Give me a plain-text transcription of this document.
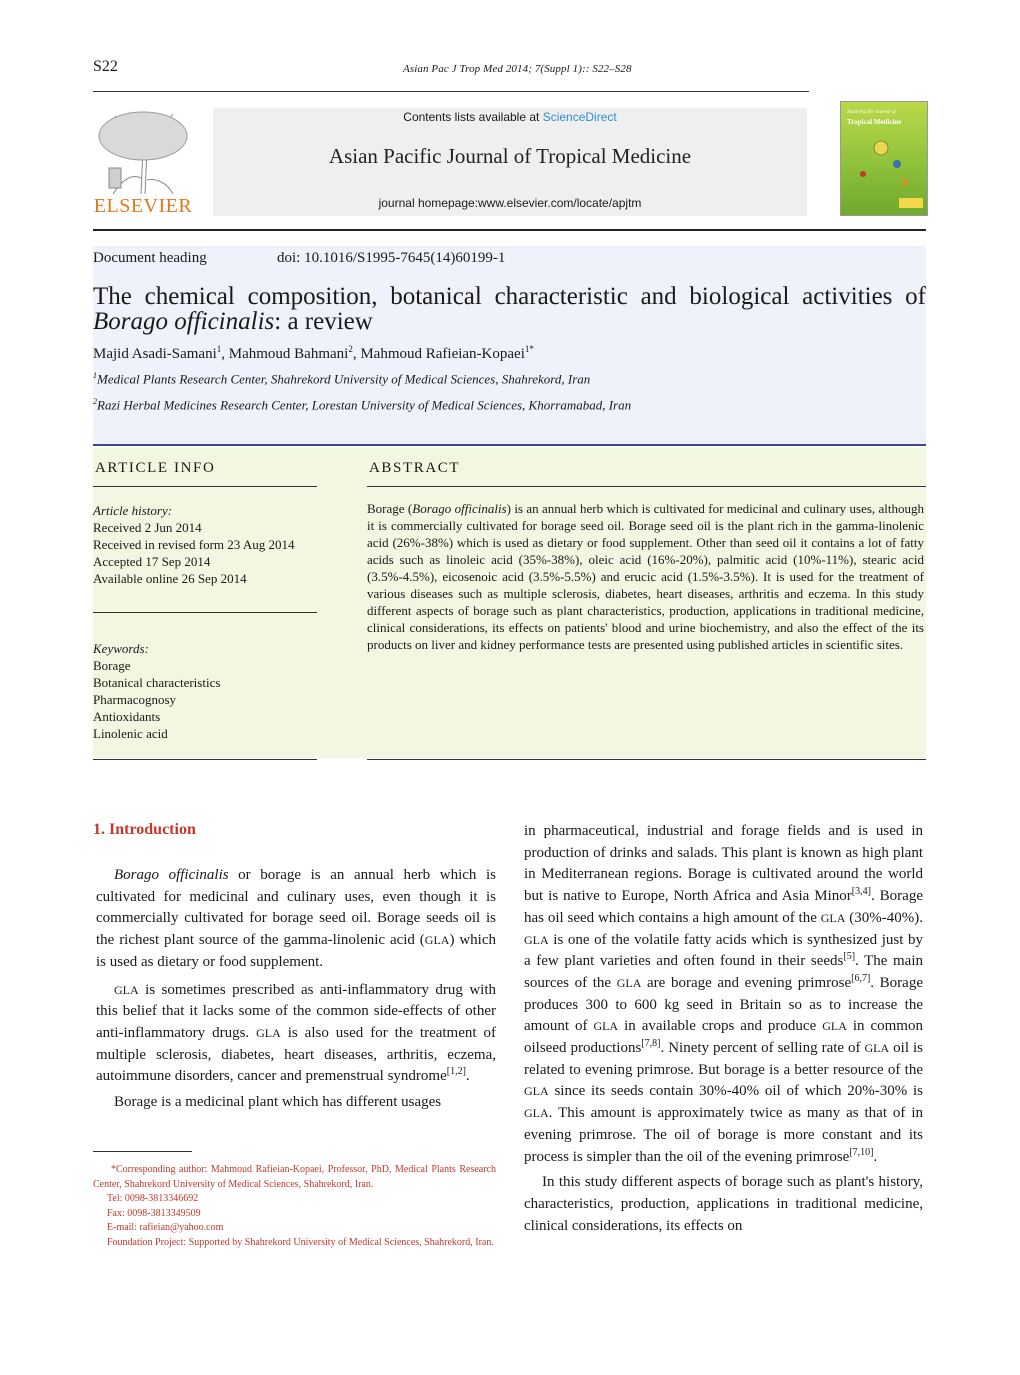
S22	Asian Pac J Trop Med 2014; 7(Suppl 1):: S22–S28
ELSEVIER
Contents lists available at ScienceDirect
Asian Pacific Journal of Tropical Medicine
journal homepage:www.elsevier.com/locate/apjtm
Asian Pacific Journal of
Tropical Medicine
Document heading	doi: 10.1016/S1995-7645(14)60199-1
The chemical composition, botanical characteristic and biological activities of Borago officinalis: a review
Majid Asadi-Samani$^1$, Mahmoud Bahmani$^2$, Mahmoud Rafieian-Kopaei$^{1*}$
$^1$Medical Plants Research Center, Shahrekord University of Medical Sciences, Shahrekord, Iran
$^2$Razi Herbal Medicines Research Center, Lorestan University of Medical Sciences, Khorramabad, Iran
ARTICLE INFO
Article history:
Received 2 Jun 2014
Received in revised form 23 Aug 2014
Accepted 17 Sep 2014
Available online 26 Sep 2014
Keywords:
Borage
Botanical characteristics
Pharmacognosy
Antioxidants
Linolenic acid
ABSTRACT
Borage (Borago officinalis) is an annual herb which is cultivated for medicinal and culinary uses, although it is commercially cultivated for borage seed oil. Borage seed oil is the plant rich in the gamma-linolenic acid (26%-38%) which is used as dietary or food supplement. Other than seed oil it contains a lot of fatty acids such as linoleic acid (35%-38%), oleic acid (16%-20%), palmitic acid (10%-11%), stearic acid (3.5%-4.5%), eicosenoic acid (3.5%-5.5%) and erucic acid (1.5%-3.5%). It is used for the treatment of various diseases such as multiple sclerosis, diabetes, heart diseases, arthritis and eczema. In this study different aspects of borage such as plant characteristics, production, applications in traditional medicine, clinical considerations, its effects on patients' blood and urine biochemistry, and also the effect of the its products on liver and kidney performance tests are presented using published articles in scientific sites.
1. Introduction

Borago officinalis or borage is an annual herb which is cultivated for medicinal and culinary uses, even though it is commercially cultivated for borage seed oil. Borage seeds oil is the richest plant source of the gamma-linolenic acid (GLA) which is used as dietary or food supplement.

GLA is sometimes prescribed as anti-inflammatory drug with this belief that it lacks some of the common side-effects of other anti-inflammatory drugs. GLA is also used for the treatment of multiple sclerosis, diabetes, heart diseases, arthritis, eczema, autoimmune disorders, cancer and premenstrual syndrome[1,2].

Borage is a medicinal plant which has different usages

in pharmaceutical, industrial and forage fields and is used in production of drinks and salads. This plant is known as high plant in Mediterranean regions. Borage is cultivated around the world but is native to Europe, North Africa and Asia Minor[3,4]. Borage has oil seed which contains a high amount of the GLA (30%-40%). GLA is one of the volatile fatty acids which is synthesized just by a few plant varieties and often found in their seeds[5]. The main sources of the GLA are borage and evening primrose[6,7]. Borage produces 300 to 600 kg seed in Britain so as to increase the amount of GLA in available crops and produce GLA in common oilseed productions[7,8]. Ninety percent of selling rate of GLA oil is related to evening primrose. But borage is a better resource of the GLA since its seeds contain 30%-40% oil of which 20%-30% is GLA. This amount is approximately twice as many as that of in evening primrose. The oil of borage is more constant and its process is simpler than the oil of the evening primrose[7,10].

In this study different aspects of borage such as plant's history, characteristics, production, applications in traditional medicine, clinical considerations, its effects on

*Corresponding author: Mahmoud Rafieian-Kopaei, Professor, PhD, Medical Plants Research Center, Shahrekord University of Medical Sciences, Shahrekord, Iran.

Tel: 0098-3813346692

Fax: 0098-3813349509

E-mail: rafieian@yahoo.com

Foundation Project: Supported by Shahrekord University of Medical Sciences, Shahrekord, Iran.
